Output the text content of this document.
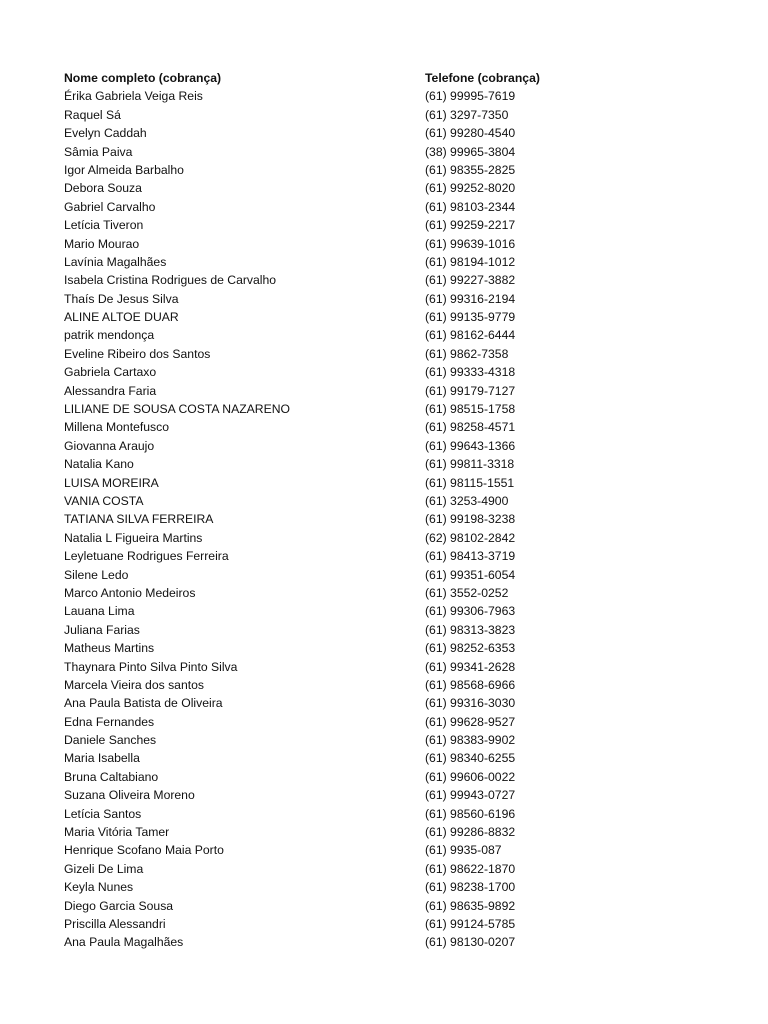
Nome completo (cobrança)	Telefone (cobrança)
Érika Gabriela Veiga Reis	(61) 99995-7619
Raquel Sá	(61) 3297-7350
Evelyn Caddah	(61) 99280-4540
Sâmia Paiva	(38) 99965-3804
Igor Almeida Barbalho	(61) 98355-2825
Debora Souza	(61) 99252-8020
Gabriel Carvalho	(61) 98103-2344
Letícia Tiveron	(61) 99259-2217
Mario Mourao	(61) 99639-1016
Lavínia Magalhães	(61) 98194-1012
Isabela Cristina Rodrigues de Carvalho	(61) 99227-3882
Thaís De Jesus Silva	(61) 99316-2194
ALINE ALTOE DUAR	(61) 99135-9779
patrik mendonça	(61) 98162-6444
Eveline Ribeiro dos Santos	(61) 9862-7358
Gabriela Cartaxo	(61) 99333-4318
Alessandra Faria	(61) 99179-7127
LILIANE DE SOUSA COSTA NAZARENO	(61) 98515-1758
Millena Montefusco	(61) 98258-4571
Giovanna Araujo	(61) 99643-1366
Natalia Kano	(61) 99811-3318
LUISA MOREIRA	(61) 98115-1551
VANIA COSTA	(61) 3253-4900
TATIANA SILVA FERREIRA	(61) 99198-3238
Natalia L Figueira Martins	(62) 98102-2842
Leyletuane Rodrigues Ferreira	(61) 98413-3719
Silene Ledo	(61) 99351-6054
Marco Antonio Medeiros	(61) 3552-0252
Lauana Lima	(61) 99306-7963
Juliana Farias	(61) 98313-3823
Matheus Martins	(61) 98252-6353
Thaynara Pinto Silva Pinto Silva	(61) 99341-2628
Marcela Vieira dos santos	(61) 98568-6966
Ana Paula Batista de Oliveira	(61) 99316-3030
Edna Fernandes	(61) 99628-9527
Daniele Sanches	(61) 98383-9902
Maria Isabella	(61) 98340-6255
Bruna Caltabiano	(61) 99606-0022
Suzana Oliveira Moreno	(61) 99943-0727
Letícia Santos	(61) 98560-6196
Maria Vitória Tamer	(61) 99286-8832
Henrique Scofano Maia Porto	(61) 9935-087
Gizeli De Lima	(61) 98622-1870
Keyla Nunes	(61) 98238-1700
Diego Garcia Sousa	(61) 98635-9892
Priscilla Alessandri	(61) 99124-5785
Ana Paula Magalhães	(61) 98130-0207
